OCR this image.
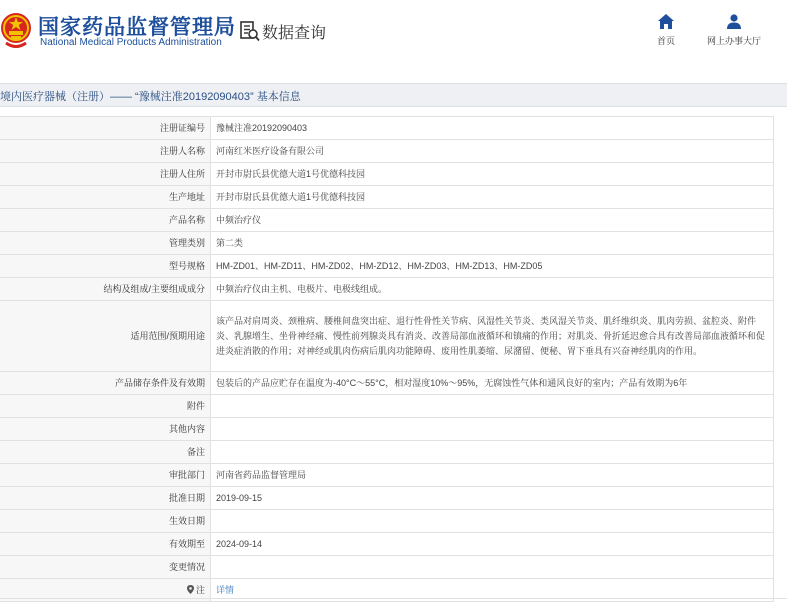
国家药品监督管理局
National Medical Products Administration
数据查询	首页	网上办事大厅
境内医疗器械（注册）—— “豫械注准20192090403” 基本信息
注册证编号	豫械注准20192090403
注册人名称	河南红米医疗设备有限公司
注册人住所	开封市尉氏县优德大道1号优德科技园
生产地址	开封市尉氏县优德大道1号优德科技园
产品名称	中频治疗仪
管理类别	第二类
型号规格	HM-ZD01、HM-ZD11、HM-ZD02、HM-ZD12、HM-ZD03、HM-ZD13、HM-ZD05
结构及组成/主要组成成分	中频治疗仪由主机、电极片、电极线组成。
适用范围/预期用途	该产品对肩周炎、颈椎病、腰椎间盘突出症、退行性骨性关节病、风湿性关节炎、类风湿关节炎、肌纤维织炎、肌肉劳损、盆腔炎、附件炎、乳腺增生、坐骨神经痛、慢性前列腺炎具有消炎、改善局部血液循环和镇痛的作用；对肌炎、骨折延迟愈合具有改善局部血液循环和促进炎症消散的作用；对神经或肌肉伤病后肌肉功能障碍、废用性肌萎缩、尿潴留、便秘、胃下垂具有兴奋神经肌肉的作用。
产品储存条件及有效期	包装后的产品应贮存在温度为-40°C～55°C，相对湿度10%～95%，无腐蚀性气体和通风良好的室内；产品有效期为6年
附件	
其他内容	
备注	
审批部门	河南省药品监督管理局
批准日期	2019-09-15
生效日期	
有效期至	2024-09-14
变更情况	
注	详情
